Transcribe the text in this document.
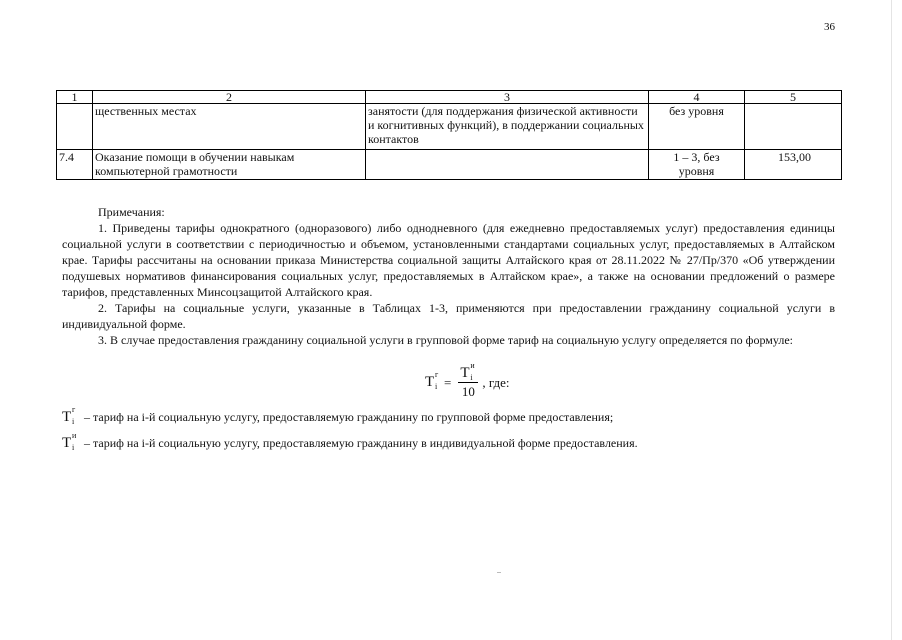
36
1	2	3	4	5
	щественных местах	занятости (для поддержания физической активности и когнитивных функций), в поддержании социальных контактов	без уровня	
7.4	Оказание помощи в обучении навыкам компьютерной грамотности		1 – 3, без уровня	153,00

Примечания:

1. Приведены тарифы однократного (одноразового) либо однодневного (для ежедневно предоставляемых услуг) предоставления единицы социальной услуги в соответствии с периодичностью и объемом, установленными стандартами социальных услуг, предоставляемых в Алтайском крае. Тарифы рассчитаны на основании приказа Министерства социальной защиты Алтайского края от 28.11.2022 № 27/Пр/370 «Об утверждении подушевых нормативов финансирования социальных услуг, предоставляемых в Алтайском крае», а также на основании предложений о размере тарифов, представленных Минсоцзащитой Алтайского края.

2. Тарифы на социальные услуги, указанные в Таблицах 1-3, применяются при предоставлении гражданину социальной услуги в индивидуальной форме.

3. В случае предоставления гражданину социальной услуги в групповой форме тариф на социальную услугу определяется по формуле:

T г
i = T и
i
10 , где:
T г
i – тариф на i-й социальную услугу, предоставляемую гражданину по групповой форме предоставления;
T и
i – тариф на i-й социальную услугу, предоставляемую гражданину в индивидуальной форме предоставления.
